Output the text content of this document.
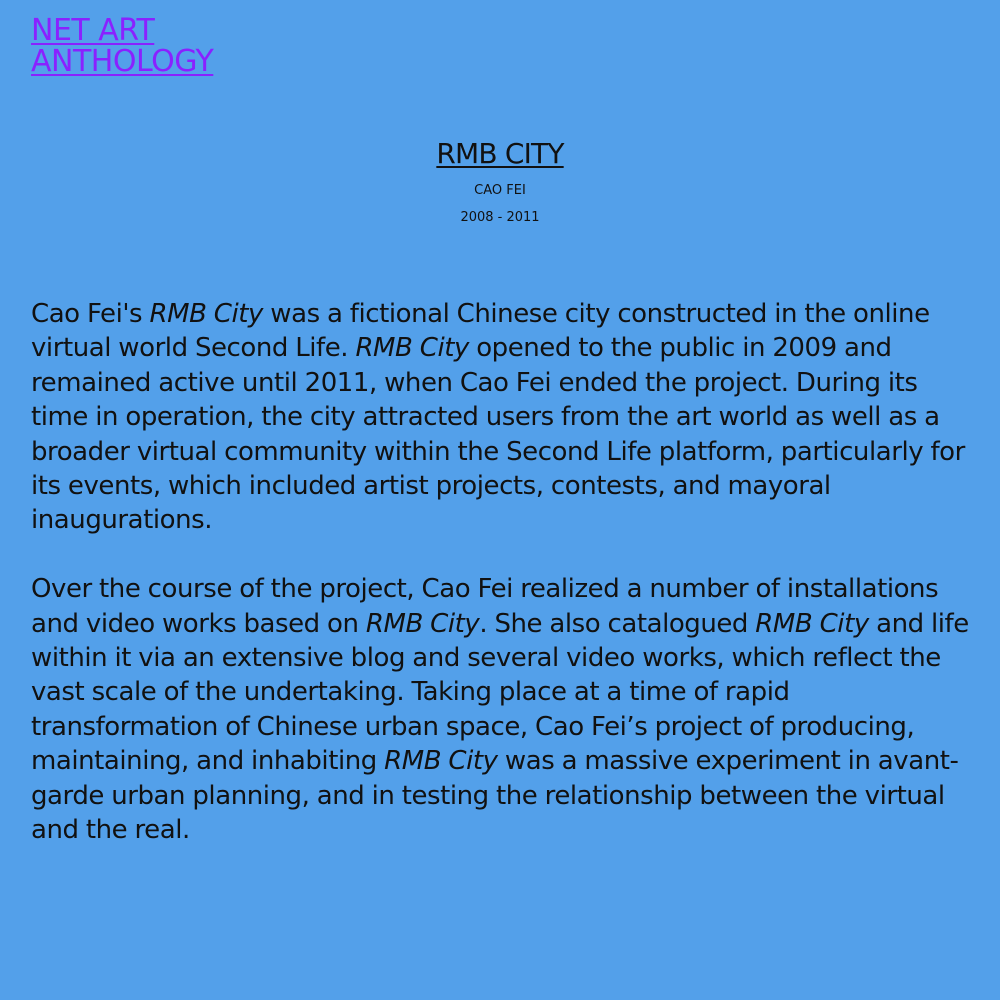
NET ART
ANTHOLOGY
RMB CITY
CAO FEI
2008 - 2011

Cao Fei's RMB City was a fictional Chinese city constructed in the online virtual world Second Life. RMB City opened to the public in 2009 and remained active until 2011, when Cao Fei ended the project. During its time in operation, the city attracted users from the art world as well as a broader virtual community within the Second Life platform, particularly for its events, which included artist projects, contests, and mayoral inaugurations.

Over the course of the project, Cao Fei realized a number of installations and video works based on RMB City. She also catalogued RMB City and life within it via an extensive blog and several video works, which reflect the vast scale of the undertaking. Taking place at a time of rapid transformation of Chinese urban space, Cao Fei’s project of producing, maintaining, and inhabiting RMB City was a massive experiment in avant-garde urban planning, and in testing the relationship between the virtual and the real.
